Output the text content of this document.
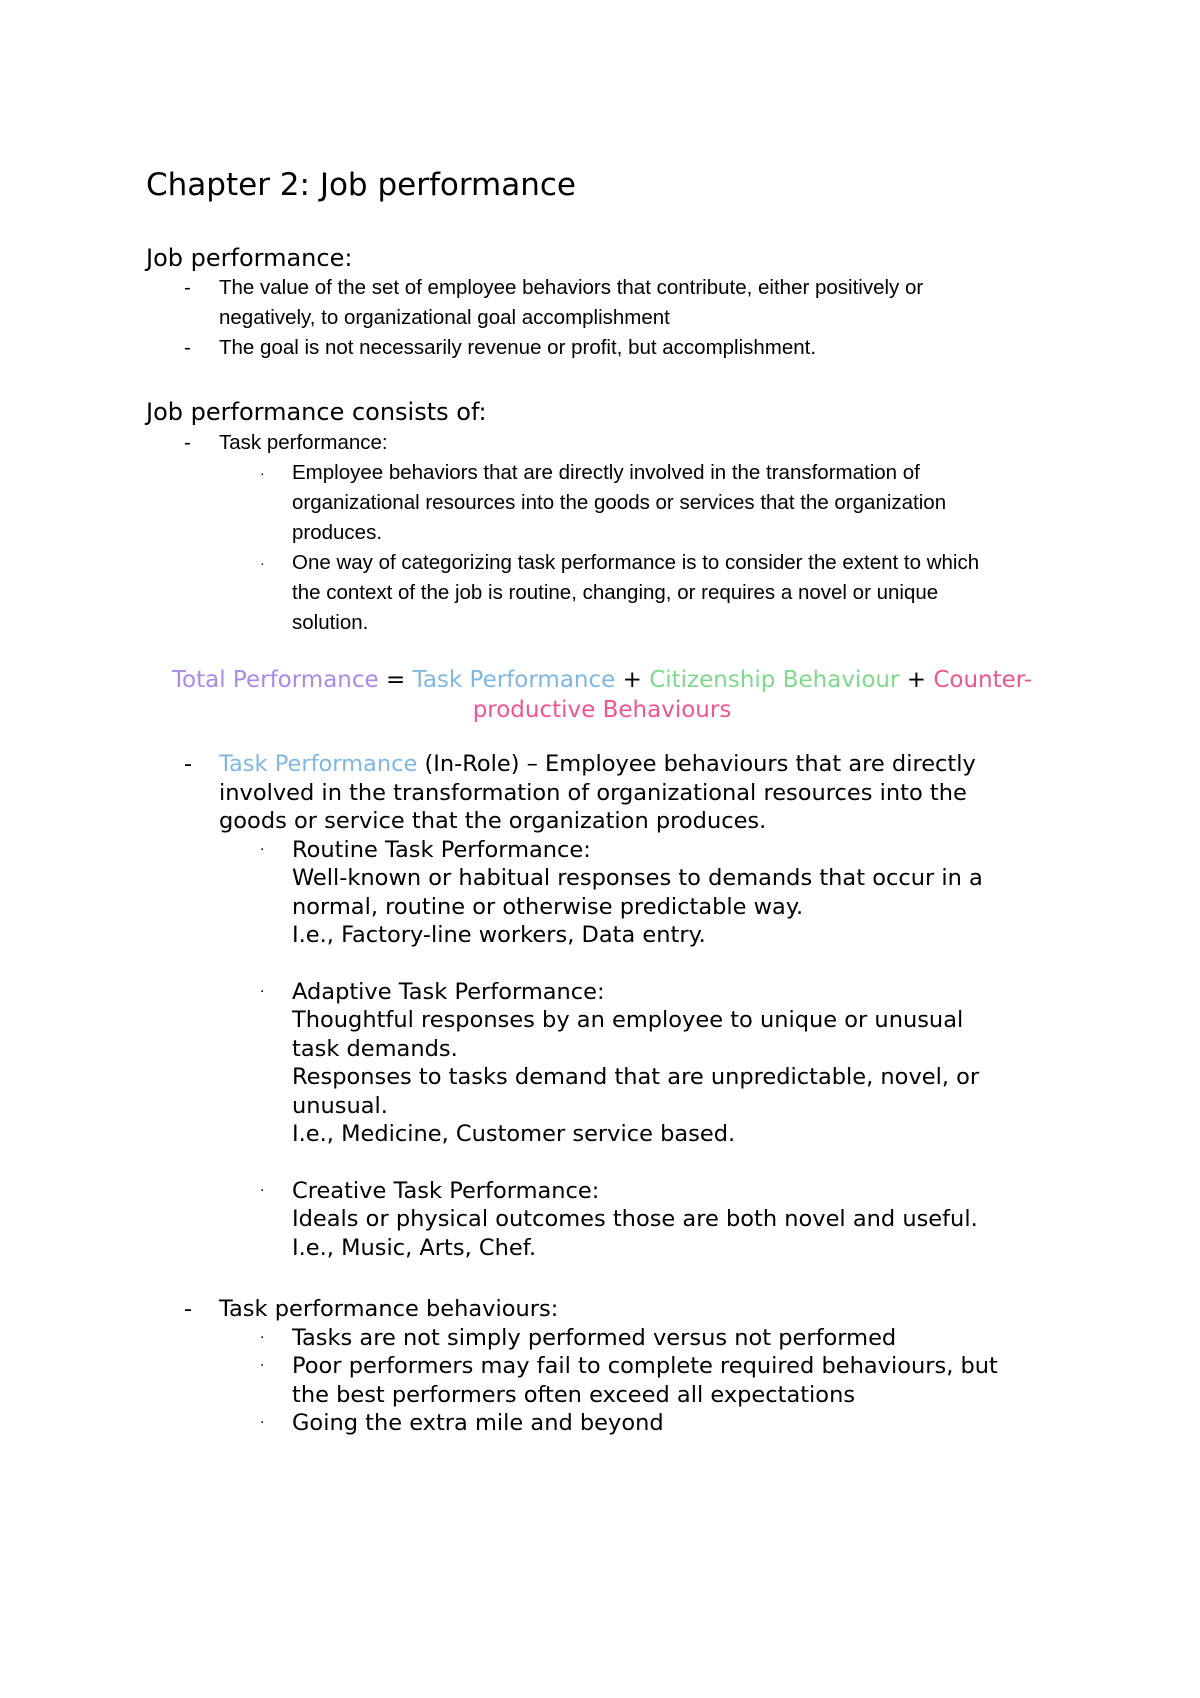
Chapter 2: Job performance
Job performance:
- The value of the set of employee behaviors that contribute, either positively or
negatively, to organizational goal accomplishment
- The goal is not necessarily revenue or profit, but accomplishment.
Job performance consists of:
- Task performance:
· Employee behaviors that are directly involved in the transformation of
organizational resources into the goods or services that the organization
produces.
· One way of categorizing task performance is to consider the extent to which
the context of the job is routine, changing, or requires a novel or unique
solution.
Total Performance = Task Performance + Citizenship Behaviour + Counter-
productive Behaviours
- Task Performance (In-Role) – Employee behaviours that are directly
involved in the transformation of organizational resources into the
goods or service that the organization produces.
· Routine Task Performance:
Well-known or habitual responses to demands that occur in a
normal, routine or otherwise predictable way.
I.e., Factory-line workers, Data entry.
· Adaptive Task Performance:
Thoughtful responses by an employee to unique or unusual
task demands.
Responses to tasks demand that are unpredictable, novel, or
unusual.
I.e., Medicine, Customer service based.
· Creative Task Performance:
Ideals or physical outcomes those are both novel and useful.
I.e., Music, Arts, Chef.
- Task performance behaviours:
· Tasks are not simply performed versus not performed
· Poor performers may fail to complete required behaviours, but
the best performers often exceed all expectations
· Going the extra mile and beyond
